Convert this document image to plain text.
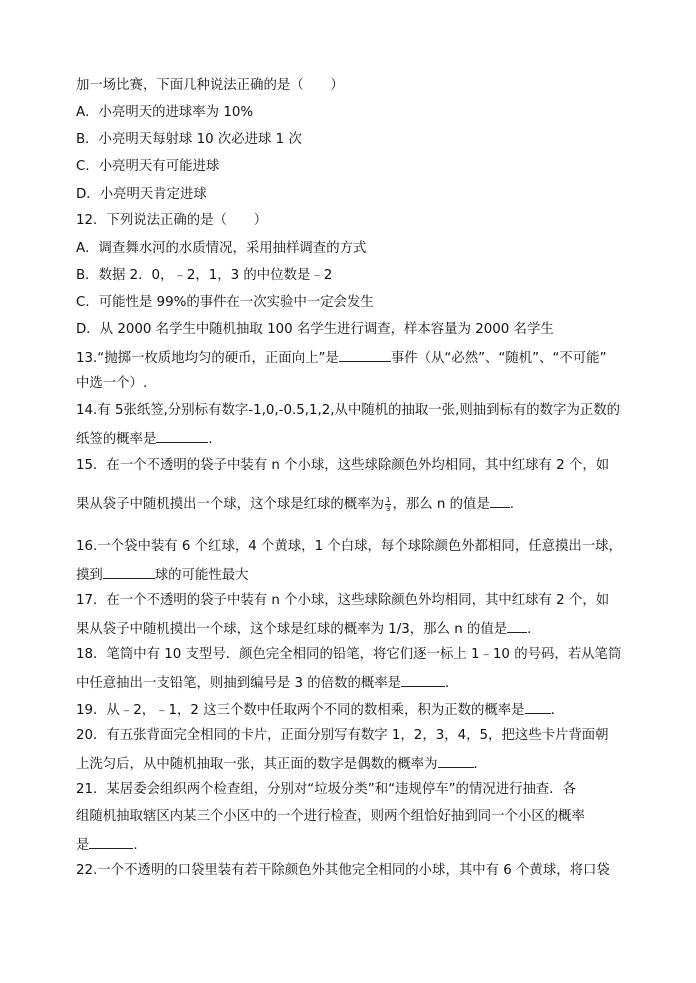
加一场比赛，下面几种说法正确的是（　　）
A．小亮明天的进球率为 10%
B．小亮明天每射球 10 次必进球 1 次
C．小亮明天有可能进球
D．小亮明天肯定进球
12．下列说法正确的是（　　）
A．调查舞水河的水质情况，采用抽样调查的方式
B．数据 2．0，﹣2，1，3 的中位数是﹣2
C．可能性是 99%的事件在一次实验中一定会发生
D．从 2000 名学生中随机抽取 100 名学生进行调查，样本容量为 2000 名学生
13.“抛掷一枚质地均匀的硬币，正面向上”是	事件（从“必然”、“随机”、“不可能”
中选一个）.
14.有 5张纸签,分别标有数字-1,0,-0.5,1,2,从中随机的抽取一张,则抽到标有的数字为正数的
纸签的概率是	.
15．在一个不透明的袋子中装有 n 个小球，这些球除颜色外均相同，其中红球有 2 个，如
果从袋子中随机摸出一个球，这个球是红球的概率为 $\frac{1}{3}$ ，那么 n 的值是 .
16.一个袋中装有 6 个红球，4 个黄球，1 个白球，每个球除颜色外都相同，任意摸出一球，
摸到	球的可能性最大
17．在一个不透明的袋子中装有 n 个小球，这些球除颜色外均相同，其中红球有 2 个，如
果从袋子中随机摸出一个球，这个球是红球的概率为 1/3，那么 n 的值是 .
18．笔筒中有 10 支型号．颜色完全相同的铅笔，将它们逐一标上 1﹣10 的号码，若从笔筒
中任意抽出一支铅笔，则抽到编号是 3 的倍数的概率是	．
19．从﹣2，﹣1，2 这三个数中任取两个不同的数相乘，积为正数的概率是 ．
20．有五张背面完全相同的卡片，正面分别写有数字 1，2，3，4，5，把这些卡片背面朝
上洗匀后，从中随机抽取一张，其正面的数字是偶数的概率为	．
21．某居委会组织两个检查组，分别对“垃圾分类”和“违规停车”的情况进行抽查．各
组随机抽取辖区内某三个小区中的一个进行检查，则两个组恰好抽到同一个小区的概率
是	.
22.一个不透明的口袋里装有若干除颜色外其他完全相同的小球，其中有 6 个黄球，将口袋
